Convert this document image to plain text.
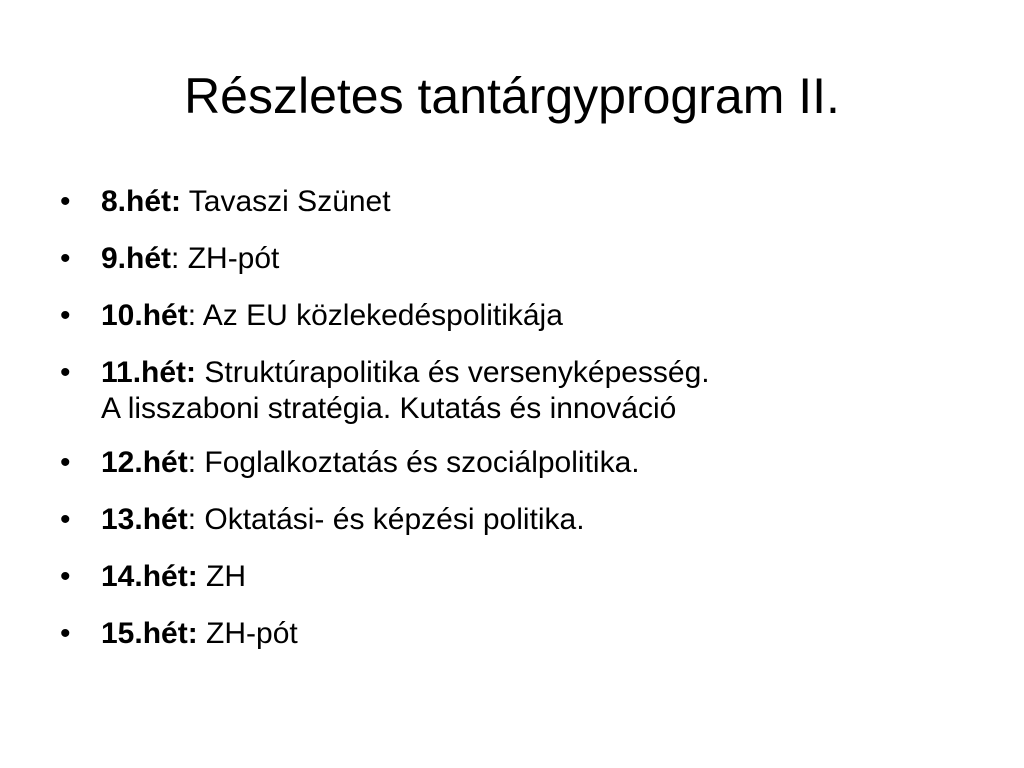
Részletes tantárgyprogram II.
•	8.hét: Tavaszi Szünet
•	9.hét: ZH-pót
•	10.hét: Az EU közlekedéspolitikája
•	11.hét: Struktúrapolitika és versenyképesség.
A lisszaboni stratégia. Kutatás és innováció
•	12.hét: Foglalkoztatás és szociálpolitika.
•	13.hét: Oktatási- és képzési politika.
•	14.hét: ZH
•	15.hét: ZH-pót
